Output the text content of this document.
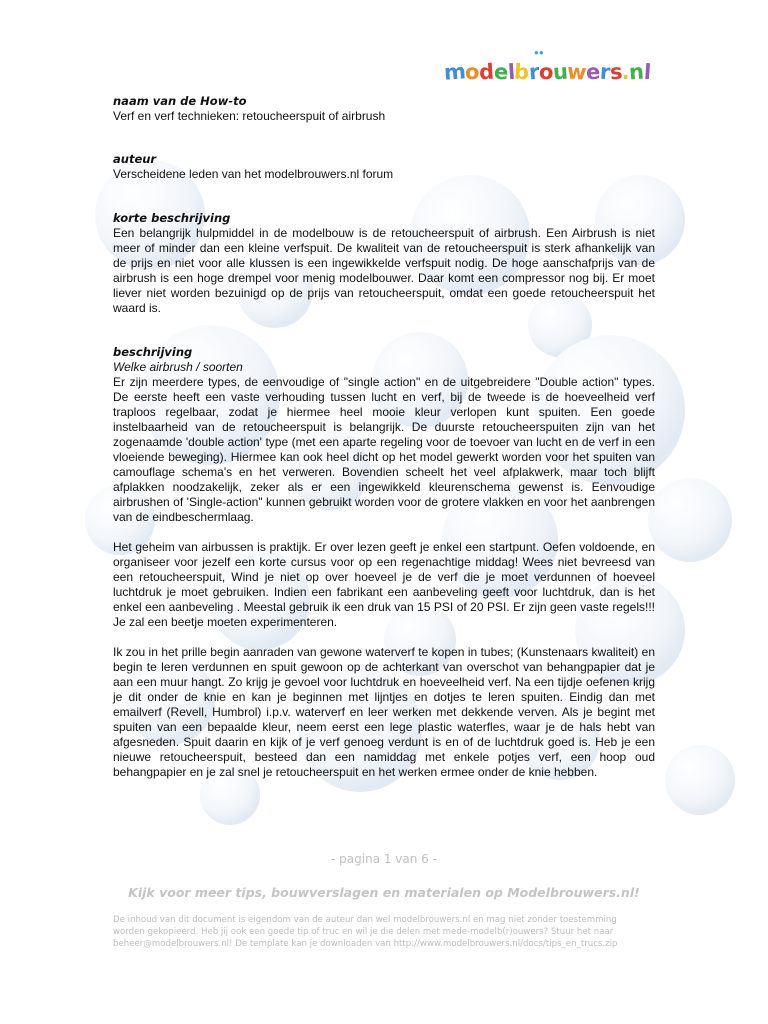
modelbrouwers.nl
●●

naam van de How-to

Verf en verf technieken: retoucheerspuit of airbrush

auteur

Verscheidene leden van het modelbrouwers.nl forum

korte beschrijving

Een belangrijk hulpmiddel in de modelbouw is de retoucheerspuit of airbrush. Een Airbrush is niet meer of minder dan een kleine verfspuit. De kwaliteit van de retoucheerspuit is sterk afhankelijk van de prijs en niet voor alle klussen is een ingewikkelde verfspuit nodig. De hoge aanschafprijs van de airbrush is een hoge drempel voor menig modelbouwer. Daar komt een compressor nog bij. Er moet liever niet worden bezuinigd op de prijs van retoucheerspuit, omdat een goede retoucheerspuit het waard is.

beschrijving

Welke airbrush / soorten

Er zijn meerdere types, de eenvoudige of "single action" en de uitgebreidere "Double action" types. De eerste heeft een vaste verhouding tussen lucht en verf, bij de tweede is de hoeveelheid verf traploos regelbaar, zodat je hiermee heel mooie kleur verlopen kunt spuiten. Een goede instelbaarheid van de retoucheerspuit is belangrijk. De duurste retoucheerspuiten zijn van het zogenaamde 'double action' type (met een aparte regeling voor de toevoer van lucht en de verf in een vloeiende beweging). Hiermee kan ook heel dicht op het model gewerkt worden voor het spuiten van camouflage schema's en het verweren. Bovendien scheelt het veel afplakwerk, maar toch blijft afplakken noodzakelijk, zeker als er een ingewikkeld kleurenschema gewenst is. Eenvoudige airbrushen of 'Single-action" kunnen gebruikt worden voor de grotere vlakken en voor het aanbrengen van de eindbeschermlaag.

Het geheim van airbussen is praktijk. Er over lezen geeft je enkel een startpunt. Oefen voldoende, en organiseer voor jezelf een korte cursus voor op een regenachtige middag! Wees niet bevreesd van een retoucheerspuit, Wind je niet op over hoeveel je de verf die je moet verdunnen of hoeveel luchtdruk je moet gebruiken. Indien een fabrikant een aanbeveling geeft voor luchtdruk, dan is het enkel een aanbeveling . Meestal gebruik ik een druk van 15 PSI of 20 PSI. Er zijn geen vaste regels!!! Je zal een beetje moeten experimenteren.

Ik zou in het prille begin aanraden van gewone waterverf te kopen in tubes; (Kunstenaars kwaliteit) en begin te leren verdunnen en spuit gewoon op de achterkant van overschot van behangpapier dat je aan een muur hangt. Zo krijg je gevoel voor luchtdruk en hoeveelheid verf. Na een tijdje oefenen krijg je dit onder de knie en kan je beginnen met lijntjes en dotjes te leren spuiten. Eindig dan met emailverf (Revell, Humbrol) i.p.v. waterverf en leer werken met dekkende verven. Als je begint met spuiten van een bepaalde kleur, neem eerst een lege plastic waterfles, waar je de hals hebt van afgesneden. Spuit daarin en kijk of je verf genoeg verdunt is en of de luchtdruk goed is. Heb je een nieuwe retoucheerspuit, besteed dan een namiddag met enkele potjes verf, een hoop oud behangpapier en je zal snel je retoucheerspuit en het werken ermee onder de knie hebben.

- pagina 1 van 6 -
Kijk voor meer tips, bouwverslagen en materialen op Modelbrouwers.nl!

De inhoud van dit document is eigendom van de auteur dan wel modelbrouwers.nl en mag niet zonder toestemming

worden gekopieerd. Heb jij ook een goede tip of truc en wil je die delen met mede-modelb(r)ouwers? Stuur het naar

beheer@modelbrouwers.nl! De template kan je downloaden van http://www.modelbrouwers.nl/docs/tips_en_trucs.zip
